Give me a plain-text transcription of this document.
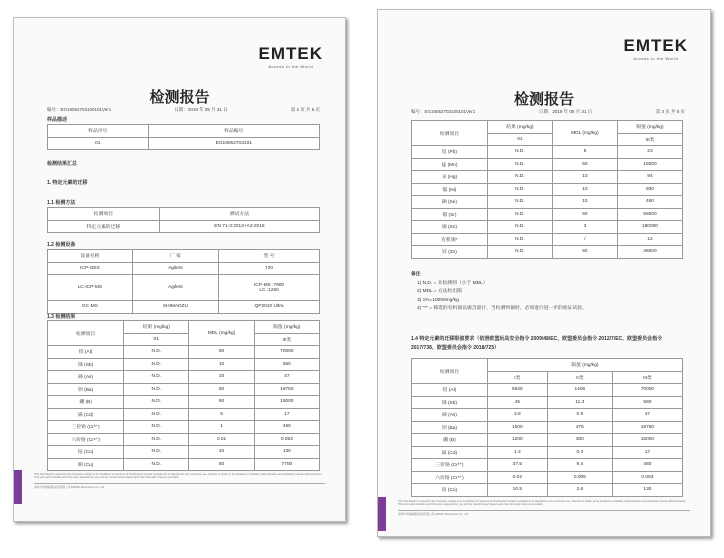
EMTEK
Access to the World
检测报告
编号：EG19052703100101Ver1	日期：2019 年 05 月 31 日	第 2 页 共 6 页
样品描述
样品序号	样品编号
01	EG19052703101
检测结果汇总
1. 特定元素的迁移
1.1 检测方法
检测项目	测试方法
特定元素的迁移	EN 71-3:2013+A3:2018
1.2 检测设备
设备名称	厂 家	型 号
ICP-OES	Agilent	720
LC-ICP-MS	Agilent	ICP-MS :7900
LC :1260
GC-MS	SHIMADZU	QP2010 Ultra
1.3 检测结果
检测项目	结果 (mg/kg)	MDL (mg/kg)	限值 (mg/kg)
	01		III类
铝 (Al)	N.D.	50	70000
锑 (Sb)	N.D.	10	560
砷 (As)	N.D.	10	47
钡 (Ba)	N.D.	50	18750
硼 (B)	N.D.	50	15000
镉 (Cd)	N.D.	5	17
三价铬 (Cr³⁺)	N.D.	1	460
六价铬 (Cr⁶⁺)	N.D.	0.01	0.053
钴 (Co)	N.D.	10	130
铜 (Cu)	N.D.	50	7700
This Test Report is issued by the Company subject to its Conditions of Issuance of Test Reports printed overleaf and is intended for your exclusive use. Attention is drawn to the limitations of liability, indemnification and jurisdiction issues defined therein. This test report includes all of the tests requested by you and the results thereof based upon the information that you provided.
深圳市华通威国际检验有限公司 EMTEK (Shenzhen) Co., Ltd.
EMTEK
Access to the World
检测报告
编号：EG19052703100101Ver1	日期：2019 年 05 月 31 日	第 3 页 共 6 页
检测项目	结果 (mg/kg)	MDL (mg/kg)	限值 (mg/kg)
	01		III类
铅 (Pb)	N.D.	5	23
锰 (Mn)	N.D.	50	15000
汞 (Hg)	N.D.	10	94
镍 (Ni)	N.D.	10	930
硒 (Se)	N.D.	10	460
锶 (Sr)	N.D.	50	56000
锡 (Sn)	N.D.	3	180000
有机锡*	N.D.	/	12
锌 (Zn)	N.D.	50	46000
备注
1) N.D. = 未检测到（小于 MDL）
2) MDL = 方法检出限
3) 1%=10000mg/kg
4) "*" = 筛选的有机锡以锡含量计，当检测到锡时，必须进行进一步的验证试验。
1.4 特定元素的迁移限值要求（依照欧盟玩具安全指令 2009/48/EC、欧盟委员会指令 2012/7/EC、欧盟委员会指令 2017/738、欧盟委员会指令 2018/725）
检测项目	限值 (mg/kg)		
	I类	II类	III类
铝 (Al)	5625	1406	70000
锑 (Sb)	45	11.3	560
砷 (As)	3.8	0.9	47
钡 (Ba)	1500	375	18750
硼 (B)	1200	300	15000
镉 (Cd)	1.3	0.3	17
三价铬 (Cr³⁺)	37.5	9.4	460
六价铬 (Cr⁶⁺)	0.02	0.005	0.053
钴 (Co)	10.5	2.6	130
This Test Report is issued by the Company subject to its Conditions of Issuance of Test Reports printed overleaf and is intended for your exclusive use. Attention is drawn to the limitations of liability, indemnification and jurisdiction issues defined therein. This test report includes all of the tests requested by you and the results thereof based upon the information that you provided.
深圳市华通威国际检验有限公司 EMTEK (Shenzhen) Co., Ltd.
